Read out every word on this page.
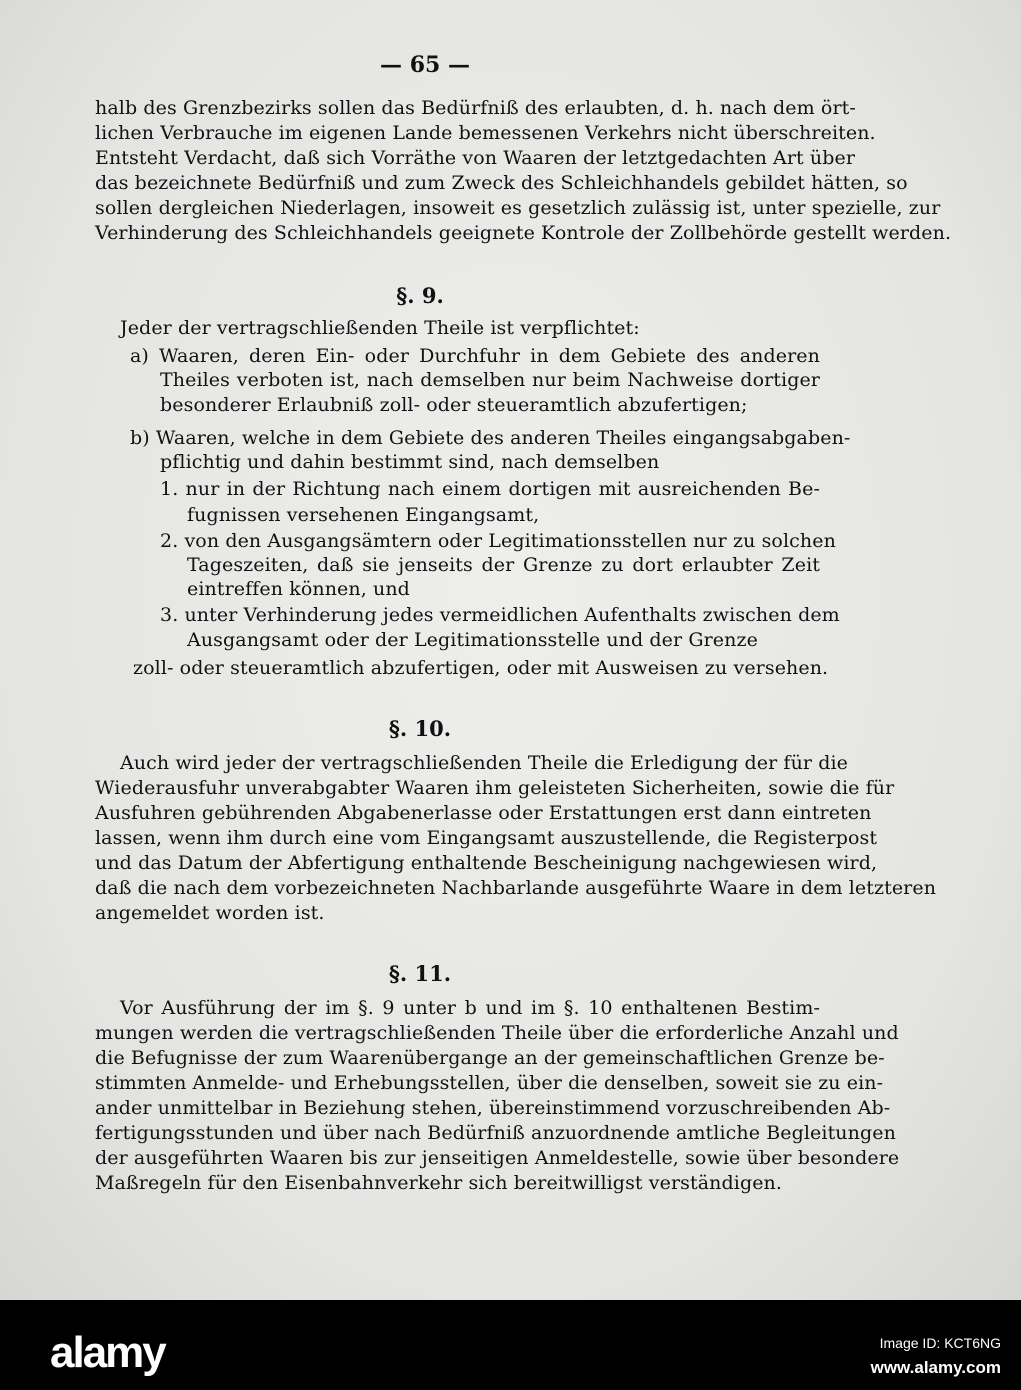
— 65 —
halb des Grenzbezirks sollen das Bedürfniß des erlaubten, d. h. nach dem ört-
lichen Verbrauche im eigenen Lande bemessenen Verkehrs nicht überschreiten.
Entsteht Verdacht, daß sich Vorräthe von Waaren der letztgedachten Art über
das bezeichnete Bedürfniß und zum Zweck des Schleichhandels gebildet hätten, so
sollen dergleichen Niederlagen, insoweit es gesetzlich zulässig ist, unter spezielle, zur
Verhinderung des Schleichhandels geeignete Kontrole der Zollbehörde gestellt werden.
§. 9.
Jeder der vertragschließenden Theile ist verpflichtet:
a) Waaren, deren Ein- oder Durchfuhr in dem Gebiete des anderen
Theiles verboten ist, nach demselben nur beim Nachweise dortiger
besonderer Erlaubniß zoll- oder steueramtlich abzufertigen;
b) Waaren, welche in dem Gebiete des anderen Theiles eingangsabgaben-
pflichtig und dahin bestimmt sind, nach demselben
1. nur in der Richtung nach einem dortigen mit ausreichenden Be-
fugnissen versehenen Eingangsamt,
2. von den Ausgangsämtern oder Legitimationsstellen nur zu solchen
Tageszeiten, daß sie jenseits der Grenze zu dort erlaubter Zeit
eintreffen können, und
3. unter Verhinderung jedes vermeidlichen Aufenthalts zwischen dem
Ausgangsamt oder der Legitimationsstelle und der Grenze
zoll- oder steueramtlich abzufertigen, oder mit Ausweisen zu versehen.
§. 10.
Auch wird jeder der vertragschließenden Theile die Erledigung der für die
Wiederausfuhr unverabgabter Waaren ihm geleisteten Sicherheiten, sowie die für
Ausfuhren gebührenden Abgabenerlasse oder Erstattungen erst dann eintreten
lassen, wenn ihm durch eine vom Eingangsamt auszustellende, die Registerpost
und das Datum der Abfertigung enthaltende Bescheinigung nachgewiesen wird,
daß die nach dem vorbezeichneten Nachbarlande ausgeführte Waare in dem letzteren
angemeldet worden ist.
§. 11.
Vor Ausführung der im §. 9 unter b und im §. 10 enthaltenen Bestim-
mungen werden die vertragschließenden Theile über die erforderliche Anzahl und
die Befugnisse der zum Waarenübergange an der gemeinschaftlichen Grenze be-
stimmten Anmelde- und Erhebungsstellen, über die denselben, soweit sie zu ein-
ander unmittelbar in Beziehung stehen, übereinstimmend vorzuschreibenden Ab-
fertigungsstunden und über nach Bedürfniß anzuordnende amtliche Begleitungen
der ausgeführten Waaren bis zur jenseitigen Anmeldestelle, sowie über besondere
Maßregeln für den Eisenbahnverkehr sich bereitwilligst verständigen.
alamy	Image ID: KCT6NG
www.alamy.com
